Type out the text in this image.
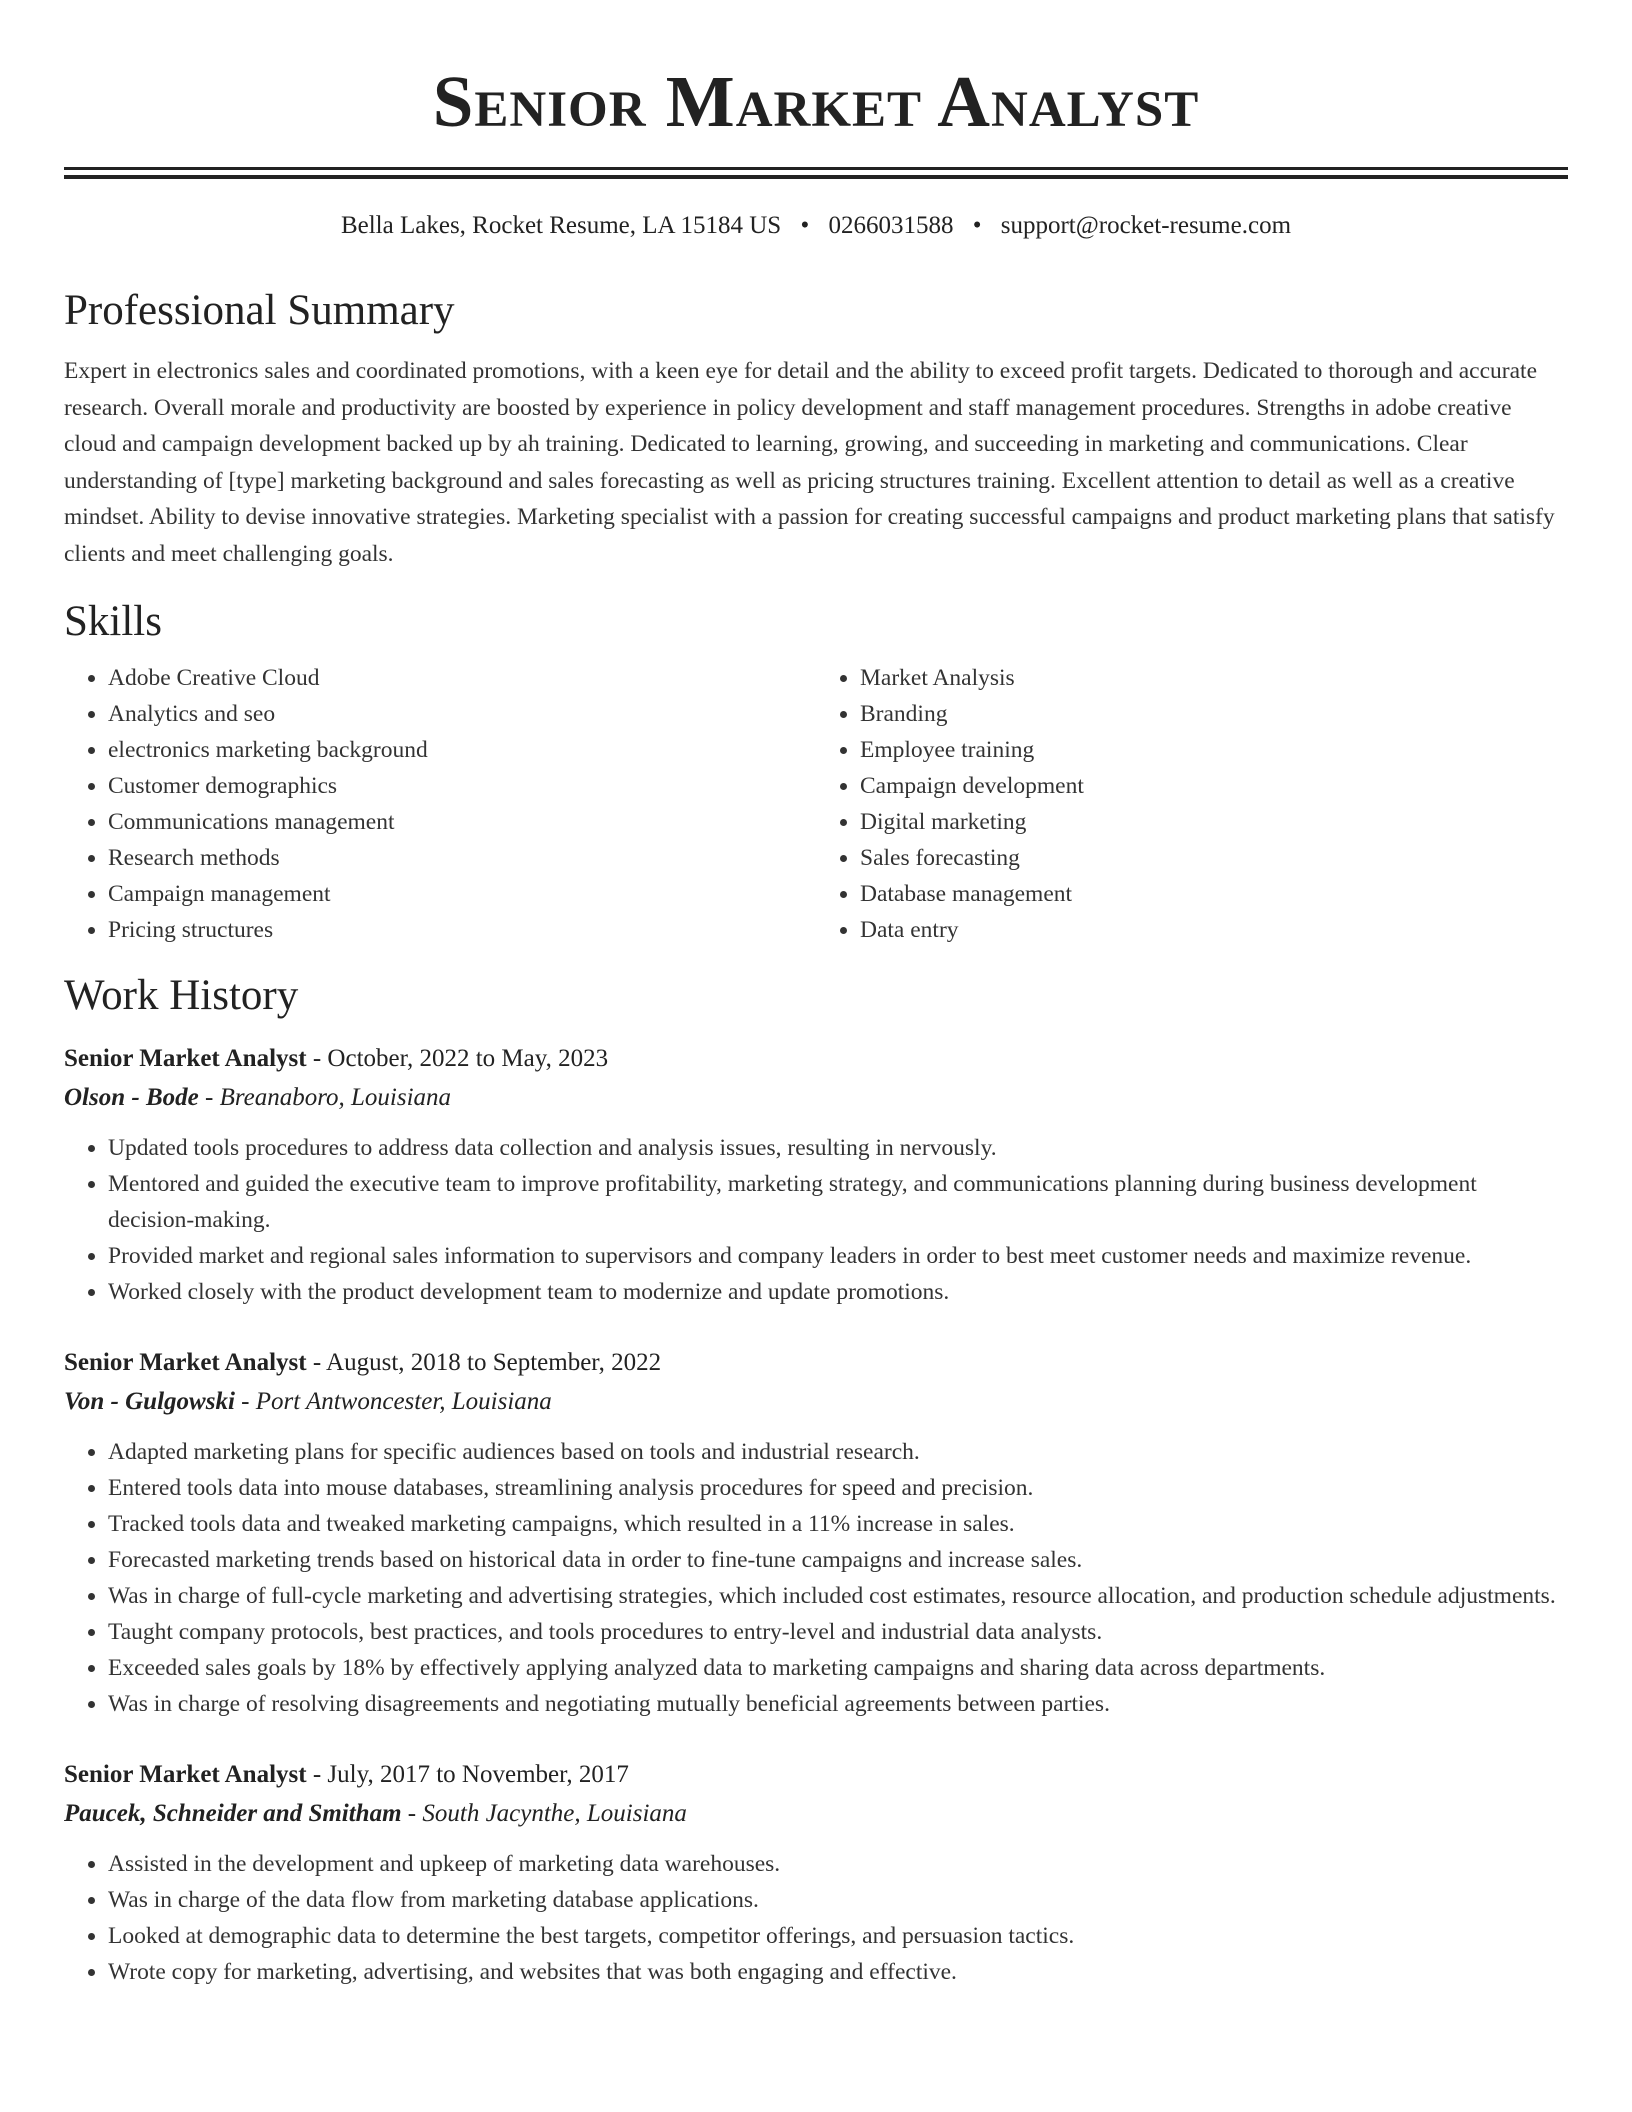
Senior Market Analyst
Bella Lakes, Rocket Resume, LA 15184 US • 0266031588 • support@rocket-resume.com
Professional Summary

Expert in electronics sales and coordinated promotions, with a keen eye for detail and the ability to exceed profit targets. Dedicated to thorough and accurate research. Overall morale and productivity are boosted by experience in policy development and staff management procedures. Strengths in adobe creative cloud and campaign development backed up by ah training. Dedicated to learning, growing, and succeeding in marketing and communications. Clear understanding of [type] marketing background and sales forecasting as well as pricing structures training. Excellent attention to detail as well as a creative mindset. Ability to devise innovative strategies. Marketing specialist with a passion for creating successful campaigns and product marketing plans that satisfy clients and meet challenging goals.

Skills
• Adobe Creative Cloud
• Analytics and seo
• electronics marketing background
• Customer demographics
• Communications management
• Research methods
• Campaign management
• Pricing structures
• Market Analysis
• Branding
• Employee training
• Campaign development
• Digital marketing
• Sales forecasting
• Database management
• Data entry
Work History
Senior Market Analyst - October, 2022 to May, 2023
Olson - Bode - Breanaboro, Louisiana
• Updated tools procedures to address data collection and analysis issues, resulting in nervously.
• Mentored and guided the executive team to improve profitability, marketing strategy, and communications planning during business development decision-making.
• Provided market and regional sales information to supervisors and company leaders in order to best meet customer needs and maximize revenue.
• Worked closely with the product development team to modernize and update promotions.
Senior Market Analyst - August, 2018 to September, 2022
Von - Gulgowski - Port Antwoncester, Louisiana
• Adapted marketing plans for specific audiences based on tools and industrial research.
• Entered tools data into mouse databases, streamlining analysis procedures for speed and precision.
• Tracked tools data and tweaked marketing campaigns, which resulted in a 11% increase in sales.
• Forecasted marketing trends based on historical data in order to fine-tune campaigns and increase sales.
• Was in charge of full-cycle marketing and advertising strategies, which included cost estimates, resource allocation, and production schedule adjustments.
• Taught company protocols, best practices, and tools procedures to entry-level and industrial data analysts.
• Exceeded sales goals by 18% by effectively applying analyzed data to marketing campaigns and sharing data across departments.
• Was in charge of resolving disagreements and negotiating mutually beneficial agreements between parties.
Senior Market Analyst - July, 2017 to November, 2017
Paucek, Schneider and Smitham - South Jacynthe, Louisiana
• Assisted in the development and upkeep of marketing data warehouses.
• Was in charge of the data flow from marketing database applications.
• Looked at demographic data to determine the best targets, competitor offerings, and persuasion tactics.
• Wrote copy for marketing, advertising, and websites that was both engaging and effective.
